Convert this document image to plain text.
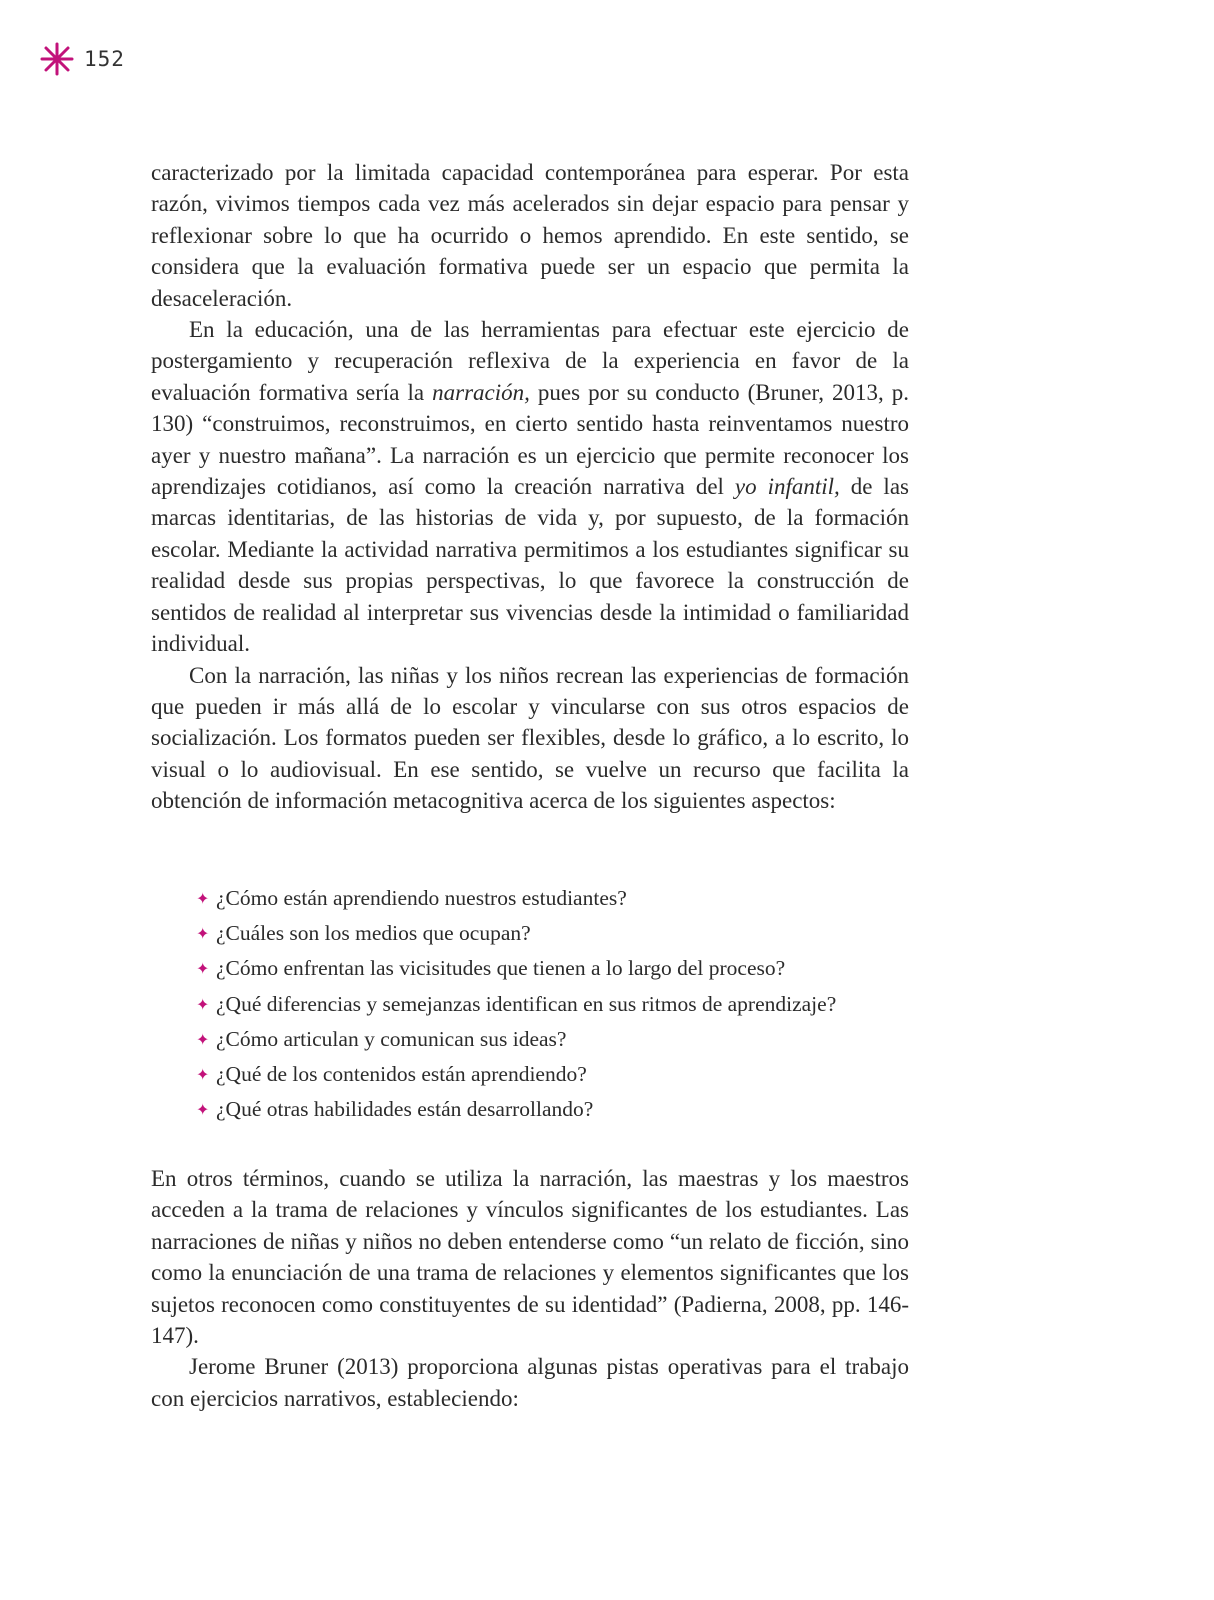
152

caracterizado por la limitada capacidad contemporánea para esperar. Por esta razón, vivimos tiempos cada vez más acelerados sin dejar espacio para pensar y reflexionar sobre lo que ha ocurrido o hemos aprendido. En este sentido, se considera que la evaluación formativa puede ser un espacio que permita la desaceleración.

En la educación, una de las herramientas para efectuar este ejercicio de postergamiento y recuperación reflexiva de la experiencia en favor de la evaluación formativa sería la narración, pues por su conducto (Bruner, 2013, p. 130) “construimos, reconstruimos, en cierto sentido hasta reinventamos nuestro ayer y nuestro mañana”. La narración es un ejercicio que permite reconocer los aprendizajes cotidianos, así como la creación narrativa del yo infantil, de las marcas identitarias, de las historias de vida y, por supuesto, de la formación escolar. Mediante la actividad narrativa permitimos a los estudiantes significar su realidad desde sus propias perspectivas, lo que favorece la construcción de sentidos de realidad al interpretar sus vivencias desde la intimidad o familiaridad individual.

Con la narración, las niñas y los niños recrean las experiencias de formación que pueden ir más allá de lo escolar y vincularse con sus otros espacios de socialización. Los formatos pueden ser flexibles, desde lo gráfico, a lo escrito, lo visual o lo audiovisual. En ese sentido, se vuelve un recurso que facilita la obtención de información metacognitiva acerca de los siguientes aspectos:

✦ ¿Cómo están aprendiendo nuestros estudiantes?
✦ ¿Cuáles son los medios que ocupan?
✦ ¿Cómo enfrentan las vicisitudes que tienen a lo largo del proceso?
✦ ¿Qué diferencias y semejanzas identifican en sus ritmos de aprendizaje?
✦ ¿Cómo articulan y comunican sus ideas?
✦ ¿Qué de los contenidos están aprendiendo?
✦ ¿Qué otras habilidades están desarrollando?

En otros términos, cuando se utiliza la narración, las maestras y los maestros acceden a la trama de relaciones y vínculos significantes de los estudiantes. Las narraciones de niñas y niños no deben entenderse como “un relato de ficción, sino como la enunciación de una trama de relaciones y elementos significantes que los sujetos reconocen como constituyentes de su identidad” (Padierna, 2008, pp. 146-147).

Jerome Bruner (2013) proporciona algunas pistas operativas para el trabajo con ejercicios narrativos, estableciendo:
